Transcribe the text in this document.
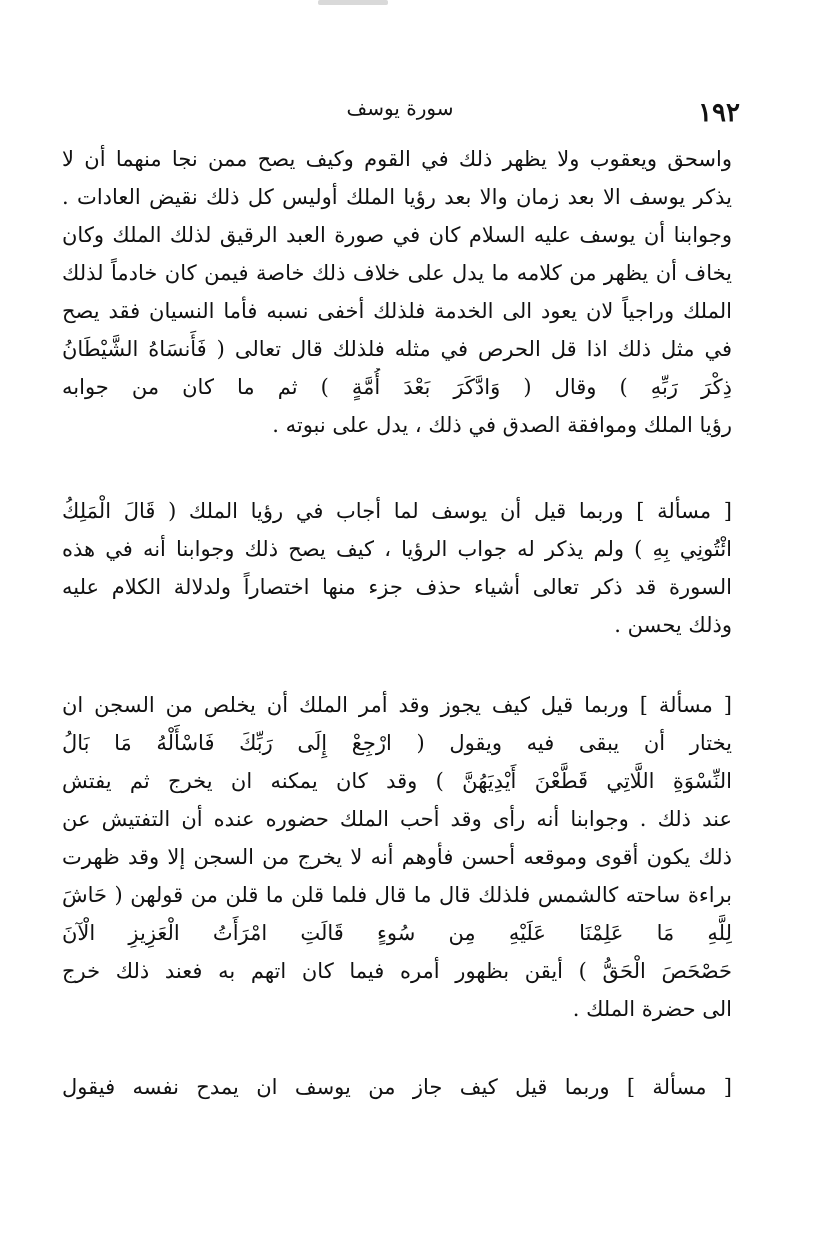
١٩٢
سورة يوسف
واسحق ويعقوب ولا يظهر ذلك في القوم وكيف يصح ممن نجا منهما أن لا
يذكر يوسف الا بعد زمان والا بعد رؤيا الملك أوليس كل ذلك نقيض العادات .
وجوابنا أن يوسف عليه السلام كان في صورة العبد الرقيق لذلك الملك وكان
يخاف أن يظهر من كلامه ما يدل على خلاف ذلك خاصة فيمن كان خادماً لذلك
الملك وراجياً لان يعود الى الخدمة فلذلك أخفى نسبه فأما النسيان فقد يصح
في مثل ذلك اذا قل الحرص في مثله فلذلك قال تعالى ( فَأَنسَاهُ الشَّيْطَانُ
ذِكْرَ رَبِّهِ ) وقال ( وَادَّكَرَ بَعْدَ أُمَّةٍ ) ثم ما كان من جوابه
رؤيا الملك وموافقة الصدق في ذلك ، يدل على نبوته .
[ مسألة ] وربما قيل أن يوسف لما أجاب في رؤيا الملك ( قَالَ الْمَلِكُ
ائْتُونِي بِهِ ) ولم يذكر له جواب الرؤيا ، كيف يصح ذلك وجوابنا أنه في هذه
السورة قد ذكر تعالى أشياء حذف جزء منها اختصاراً ولدلالة الكلام عليه
وذلك يحسن .
[ مسألة ] وربما قيل كيف يجوز وقد أمر الملك أن يخلص من السجن ان
يختار أن يبقى فيه ويقول ( ارْجِعْ إِلَى رَبِّكَ فَاسْأَلْهُ مَا بَالُ
النِّسْوَةِ اللَّاتِي قَطَّعْنَ أَيْدِيَهُنَّ ) وقد كان يمكنه ان يخرج ثم يفتش
عند ذلك . وجوابنا أنه رأى وقد أحب الملك حضوره عنده أن التفتيش عن
ذلك يكون أقوى وموقعه أحسن فأوهم أنه لا يخرج من السجن إلا وقد ظهرت
براءة ساحته كالشمس فلذلك قال ما قال فلما قلن ما قلن من قولهن ( حَاشَ
لِلَّهِ مَا عَلِمْنَا عَلَيْهِ مِن سُوءٍ قَالَتِ امْرَأَتُ الْعَزِيزِ الْآنَ
حَصْحَصَ الْحَقُّ ) أيقن بظهور أمره فيما كان اتهم به فعند ذلك خرج
الى حضرة الملك .
[ مسألة ] وربما قيل كيف جاز من يوسف ان يمدح نفسه فيقول
